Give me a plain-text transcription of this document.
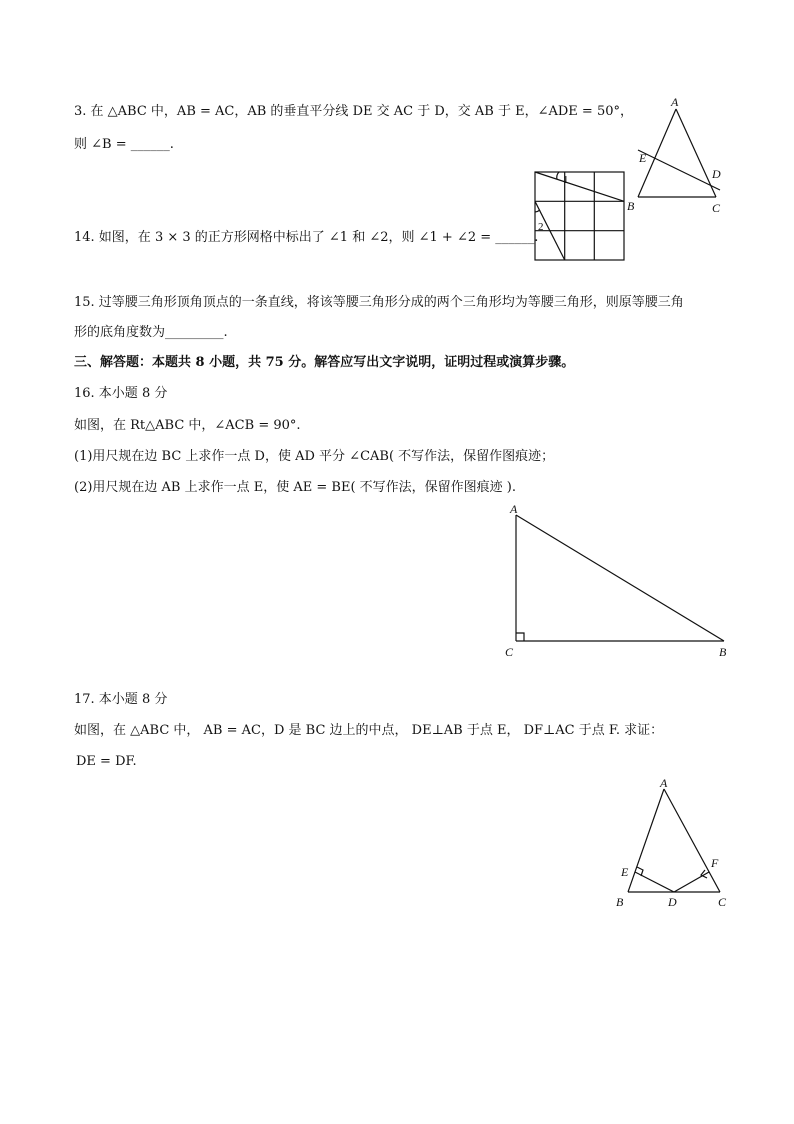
3. 在 △ABC 中，AB = AC，AB 的垂直平分线 DE 交 AC 于 D，交 AB 于 E，∠ADE = 50°，
则 ∠B = ______.
A
E
D
B	C
14. 如图，在 3 × 3 的正方形网格中标出了 ∠1 和 ∠2，则 ∠1 + ∠2 = ______.
1
2
15. 过等腰三角形顶角顶点的一条直线，将该等腰三角形分成的两个三角形均为等腰三角形，则原等腰三角
形的底角度数为_________.
三、解答题：本题共 8 小题，共 75 分。解答应写出文字说明，证明过程或演算步骤。
16. 本小题 8 分
如图，在 Rt△ABC 中，∠ACB = 90°.
(1)用尺规在边 BC 上求作一点 D，使 AD 平分 ∠CAB( 不写作法，保留作图痕迹；
(2)用尺规在边 AB 上求作一点 E，使 AE = BE( 不写作法，保留作图痕迹 ).
A
C	B
17. 本小题 8 分
如图，在 △ABC 中， AB = AC，D 是 BC 边上的中点， DE⊥AB 于点 E， DF⊥AC 于点 F. 求证：
DE = DF.
A
E
F
B	D	C
